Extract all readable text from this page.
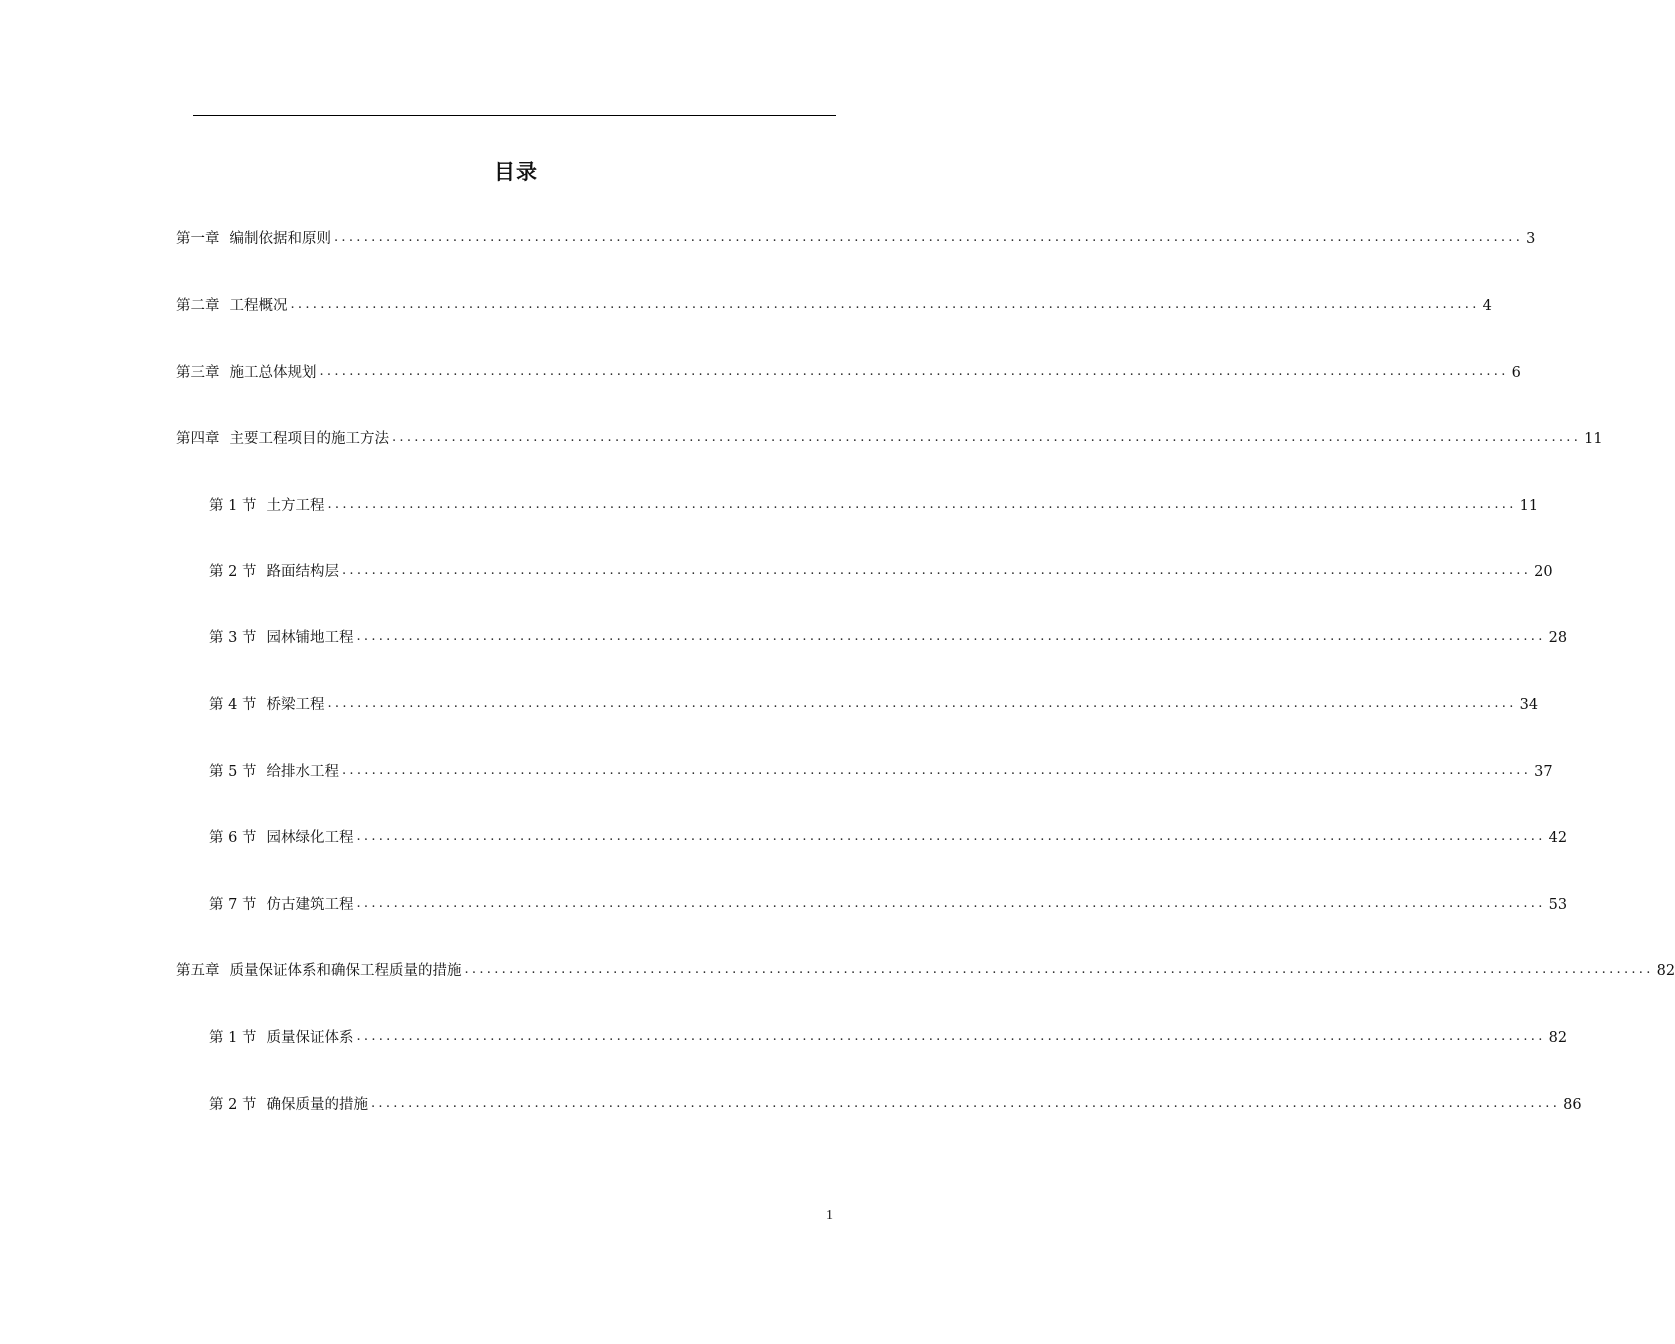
目录
第一章 编制依据和原则 ................................................................................................................................................................ 3
第二章 工程概况 ................................................................................................................................................................ 4
第三章 施工总体规划 ................................................................................................................................................................ 6
第四章 主要工程项目的施工方法 ................................................................................................................................................................ 11
第 1 节 土方工程 ................................................................................................................................................................ 11
第 2 节 路面结构层 ................................................................................................................................................................ 20
第 3 节 园林铺地工程 ................................................................................................................................................................ 28
第 4 节 桥梁工程 ................................................................................................................................................................ 34
第 5 节 给排水工程 ................................................................................................................................................................ 37
第 6 节 园林绿化工程 ................................................................................................................................................................ 42
第 7 节 仿古建筑工程 ................................................................................................................................................................ 53
第五章 质量保证体系和确保工程质量的措施 ................................................................................................................................................................ 82
第 1 节 质量保证体系 ................................................................................................................................................................ 82
第 2 节 确保质量的措施 ................................................................................................................................................................ 86
1
